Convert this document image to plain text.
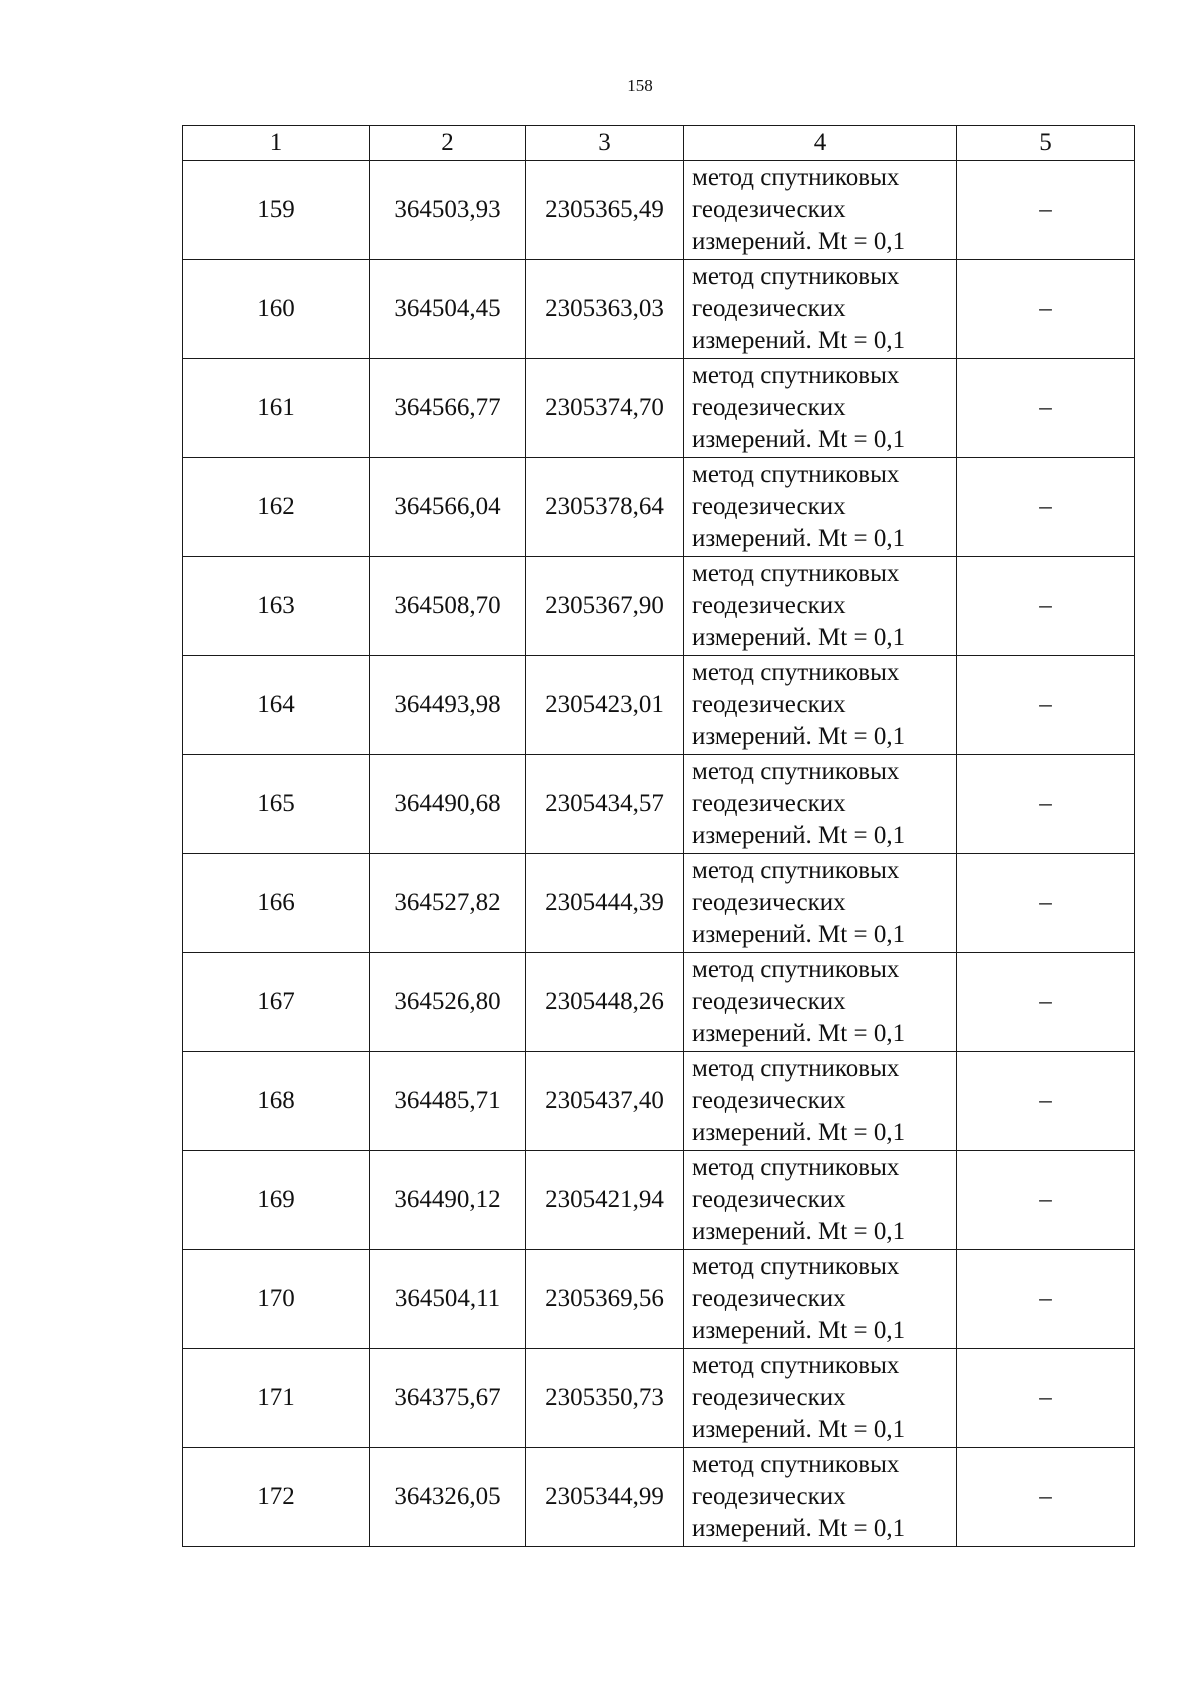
158
1	2	3	4	5
159	364503,93	2305365,49	метод спутниковых геодезических измерений. Mt = 0,1	–
160	364504,45	2305363,03	метод спутниковых геодезических измерений. Mt = 0,1	–
161	364566,77	2305374,70	метод спутниковых геодезических измерений. Mt = 0,1	–
162	364566,04	2305378,64	метод спутниковых геодезических измерений. Mt = 0,1	–
163	364508,70	2305367,90	метод спутниковых геодезических измерений. Mt = 0,1	–
164	364493,98	2305423,01	метод спутниковых геодезических измерений. Mt = 0,1	–
165	364490,68	2305434,57	метод спутниковых геодезических измерений. Mt = 0,1	–
166	364527,82	2305444,39	метод спутниковых геодезических измерений. Mt = 0,1	–
167	364526,80	2305448,26	метод спутниковых геодезических измерений. Mt = 0,1	–
168	364485,71	2305437,40	метод спутниковых геодезических измерений. Mt = 0,1	–
169	364490,12	2305421,94	метод спутниковых геодезических измерений. Mt = 0,1	–
170	364504,11	2305369,56	метод спутниковых геодезических измерений. Mt = 0,1	–
171	364375,67	2305350,73	метод спутниковых геодезических измерений. Mt = 0,1	–
172	364326,05	2305344,99	метод спутниковых геодезических измерений. Mt = 0,1	–
